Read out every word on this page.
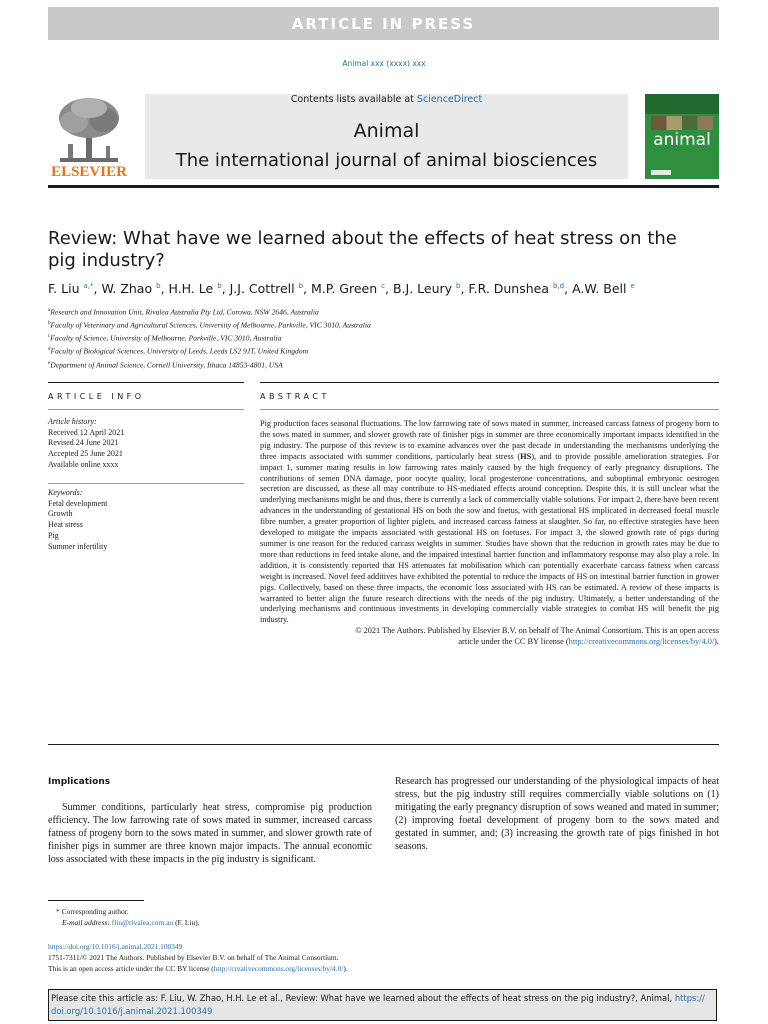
ARTICLE IN PRESS
Animal xxx (xxxx) xxx
ELSEVIER
Contents lists available at ScienceDirect
Animal
The international journal of animal biosciences
animal
Review: What have we learned about the effects of heat stress on the pig industry?
F. Liu $^{a,*}$, W. Zhao $^b$, H.H. Le $^b$, J.J. Cottrell $^b$, M.P. Green $^c$, B.J. Leury $^b$, F.R. Dunshea $^{b,d}$, A.W. Bell $^e$
$^a$Research and Innovation Unit, Rivalea Australia Pty Ltd, Corowa, NSW 2646, Australia
$^b$Faculty of Veterinary and Agricultural Sciences, University of Melbourne, Parkville, VIC 3010, Australia
$^c$Faculty of Science, University of Melbourne, Parkville, VIC 3010, Australia
$^d$Faculty of Biological Sciences, University of Leeds, Leeds LS2 9JT, United Kingdom
$^e$Department of Animal Science, Cornell University, Ithaca 14853-4801, USA
ARTICLE INFO	ABSTRACT
Article history:
Received 12 April 2021
Revised 24 June 2021
Accepted 25 June 2021
Available online xxxx
Keywords:
Fetal development
Growth
Heat stress
Pig
Summer infertility
Pig production faces seasonal fluctuations. The low farrowing rate of sows mated in summer, increased carcass fatness of progeny born to the sows mated in summer, and slower growth rate of finisher pigs in summer are three economically important impacts identified in the pig industry. The purpose of this review is to examine advances over the past decade in understanding the mechanisms underlying the three impacts associated with summer conditions, particularly heat stress (HS), and to provide possible amelioration strategies. For impact 1, summer mating results in low farrowing rates mainly caused by the high frequency of early pregnancy disruptions. The contributions of semen DNA damage, poor oocyte quality, local progesterone concentrations, and suboptimal embryonic oestrogen secretion are discussed, as these all may contribute to HS-mediated effects around conception. Despite this, it is still unclear what the underlying mechanisms might be and thus, there is currently a lack of commercially viable solutions. For impact 2, there have been recent advances in the understanding of gestational HS on both the sow and foetus, with gestational HS implicated in decreased foetal muscle fibre number, a greater proportion of lighter piglets, and increased carcass fatness at slaughter. So far, no effective strategies have been developed to mitigate the impacts associated with gestational HS on foetuses. For impact 3, the slowed growth rate of pigs during summer is one reason for the reduced carcass weights in summer. Studies have shown that the reduction in growth rates may be due to more than reductions in feed intake alone, and the impaired intestinal barrier function and inflammatory response may also play a role. In addition, it is consistently reported that HS attenuates fat mobilisation which can potentially exacerbate carcass fatness when carcass weight is increased. Novel feed additives have exhibited the potential to reduce the impacts of HS on intestinal barrier function in grower pigs. Collectively, based on these three impacts, the economic loss associated with HS can be estimated. A review of these impacts is warranted to better align the future research directions with the needs of the pig industry. Ultimately, a better understanding of the underlying mechanisms and continuous investments in developing commercially viable strategies to combat HS will benefit the pig industry.
© 2021 The Authors. Published by Elsevier B.V. on behalf of The Animal Consortium. This is an open access
article under the CC BY license (http://creativecommons.org/licenses/by/4.0/).
Implications
Summer conditions, particularly heat stress, compromise pig production efficiency. The low farrowing rate of sows mated in summer, increased carcass fatness of progeny born to the sows mated in summer, and slower growth rate of finisher pigs in summer are three known major impacts. The annual economic loss associated with these impacts in the pig industry is significant.
Research has progressed our understanding of the physiological impacts of heat stress, but the pig industry still requires commercially viable solutions on (1) mitigating the early pregnancy disruption of sows weaned and mated in summer; (2) improving foetal development of progeny born to the sows mated and gestated in summer, and; (3) increasing the growth rate of pigs finished in hot seasons.
* Corresponding author.
E-mail address: fliu@rivalea.com.au (F. Liu).
https://doi.org/10.1016/j.animal.2021.100349
1751-7311/© 2021 The Authors. Published by Elsevier B.V. on behalf of The Animal Consortium.
This is an open access article under the CC BY license (http://creativecommons.org/licenses/by/4.0/).
Please cite this article as: F. Liu, W. Zhao, H.H. Le et al., Review: What have we learned about the effects of heat stress on the pig industry?, Animal, https://
doi.org/10.1016/j.animal.2021.100349
